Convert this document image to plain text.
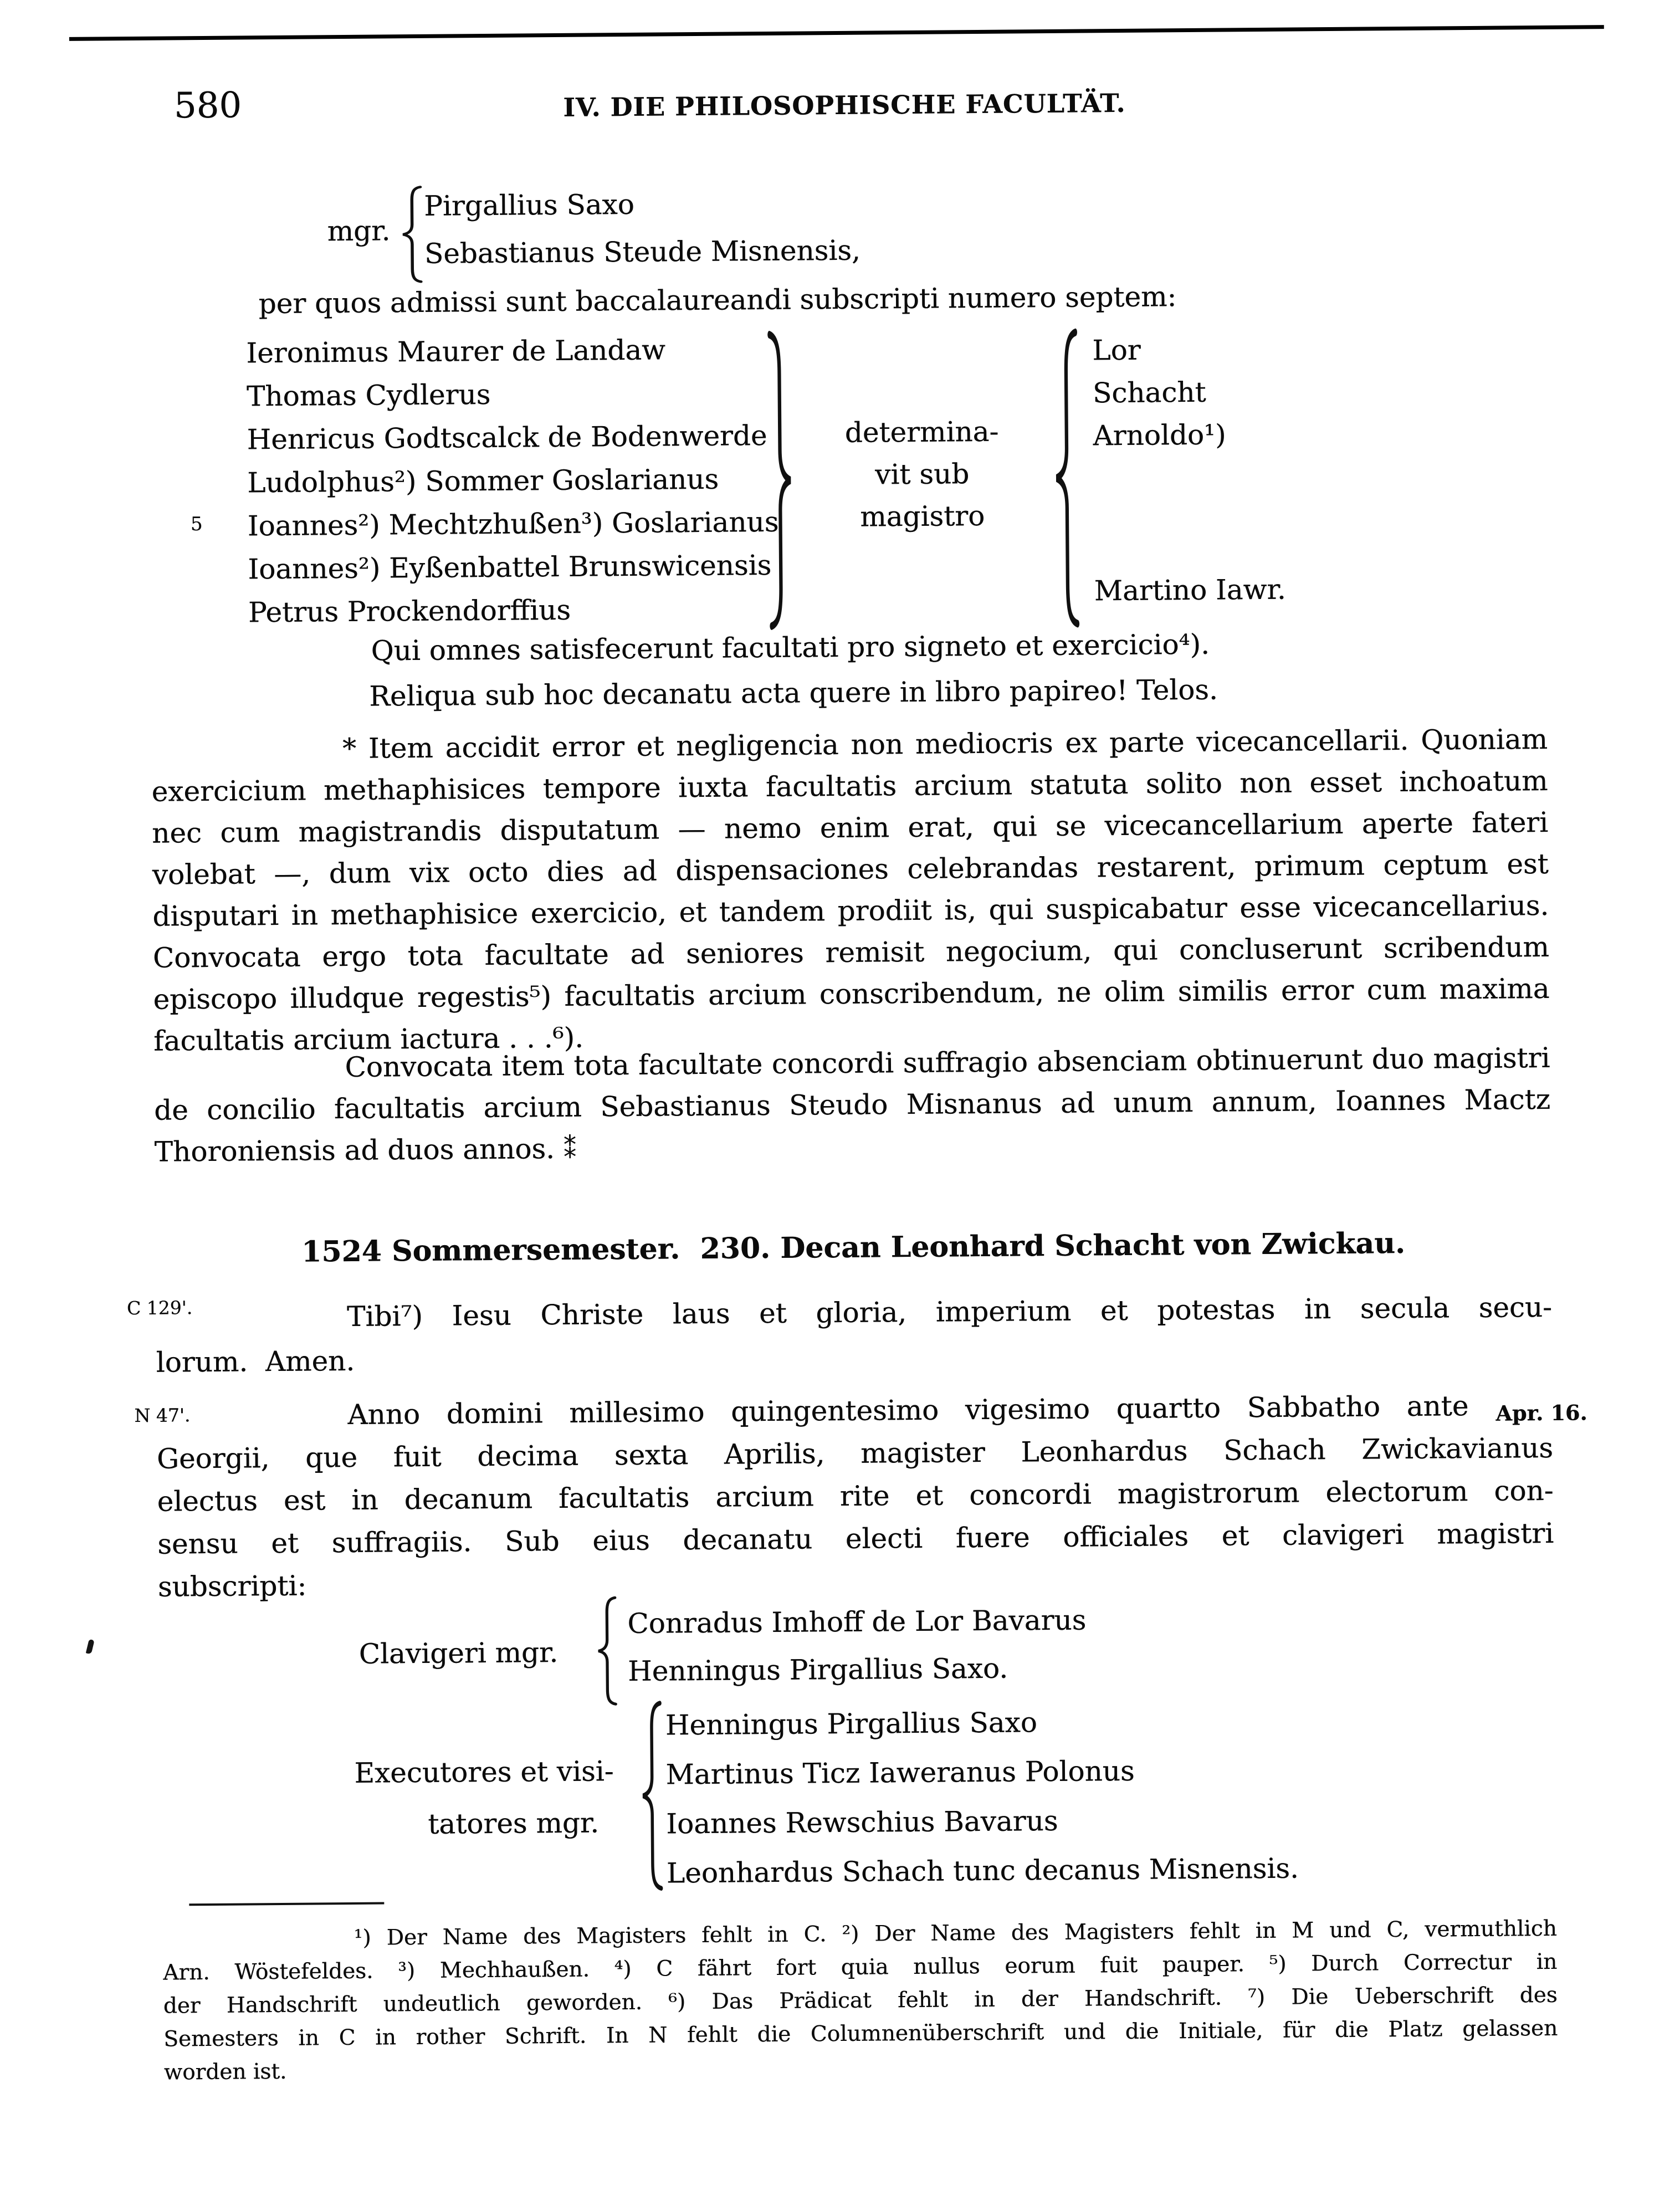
580	IV. DIE PHILOSOPHISCHE FACULTÄT.
mgr.
Pirgallius Saxo
Sebastianus Steude Misnensis,
per quos admissi sunt baccalaureandi subscripti numero septem:
5
Ieronimus Maurer de Landaw
Thomas Cydlerus
Henricus Godtscalck de Bodenwerde
Ludolphus²) Sommer Goslarianus
Ioannes²) Mechtzhußen³) Goslarianus
Ioannes²) Eyßenbattel Brunswicensis
Petrus Prockendorffius
determina-
vit sub
magistro
Lor
Schacht
Arnoldo¹)
Martino Iawr.
Qui omnes satisfecerunt facultati pro signeto et exercicio⁴).
Reliqua sub hoc decanatu acta quere in libro papireo! Telos.
* Item accidit error et negligencia non mediocris ex parte vicecancellarii. Quoniam
exercicium methaphisices tempore iuxta facultatis arcium statuta solito non esset inchoatum
nec cum magistrandis disputatum — nemo enim erat, qui se vicecancellarium aperte fateri
volebat —, dum vix octo dies ad dispensaciones celebrandas restarent, primum ceptum est
disputari in methaphisice exercicio, et tandem prodiit is, qui suspicabatur esse vicecancellarius.
Convocata ergo tota facultate ad seniores remisit negocium, qui concluserunt scribendum
episcopo illudque regestis⁵) facultatis arcium conscribendum, ne olim similis error cum maxima
facultatis arcium iactura . . .⁶).
Convocata item tota facultate concordi suffragio absenciam obtinuerunt duo magistri
de concilio facultatis arcium Sebastianus Steudo Misnanus ad unum annum, Ioannes Mactz
Thoroniensis ad duos annos. ⁑
1524 Sommersemester.  230. Decan Leonhard Schacht von Zwickau.
C 129'.
N 47'.	Apr. 16.
Tibi⁷) Iesu Christe laus et gloria, imperium et potestas in secula secu-
lorum.  Amen.
Anno domini millesimo quingentesimo vigesimo quartto Sabbatho ante
Georgii, que fuit decima sexta Aprilis, magister Leonhardus Schach Zwickavianus
electus est in decanum facultatis arcium rite et concordi magistrorum electorum con-
sensu et suffragiis. Sub eius decanatu electi fuere officiales et clavigeri magistri
subscripti:
Clavigeri mgr.
Conradus Imhoff de Lor Bavarus
Henningus Pirgallius Saxo.
Executores et visi-
tatores mgr.
Henningus Pirgallius Saxo
Martinus Ticz Iaweranus Polonus
Ioannes Rewschius Bavarus
Leonhardus Schach tunc decanus Misnensis.
¹) Der Name des Magisters fehlt in C. ²) Der Name des Magisters fehlt in M und C, vermuthlich
Arn. Wöstefeldes. ³) Mechhaußen. ⁴) C fährt fort quia nullus eorum fuit pauper. ⁵) Durch Correctur in
der Handschrift undeutlich geworden. ⁶) Das Prädicat fehlt in der Handschrift. ⁷) Die Ueberschrift des
Semesters in C in rother Schrift. In N fehlt die Columnenüberschrift und die Initiale, für die Platz gelassen
worden ist.
